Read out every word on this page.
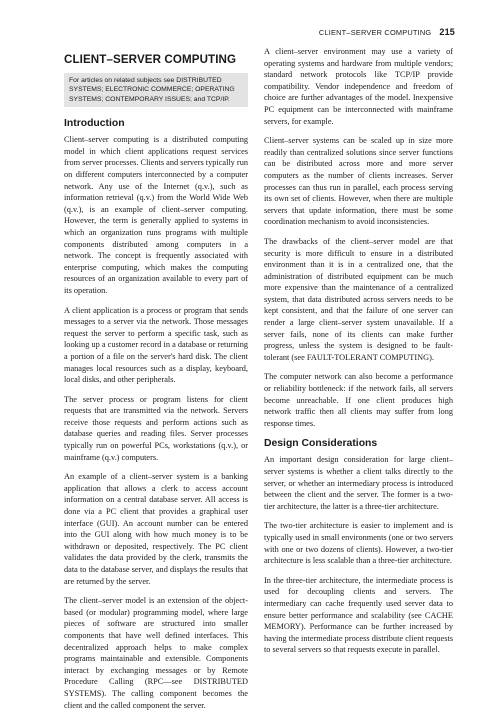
CLIENT–SERVER COMPUTING 215
CLIENT–SERVER COMPUTING
For articles on related subjects see DISTRIBUTED SYSTEMS; ELECTRONIC COMMERCE; OPERATING SYSTEMS; CONTEMPORARY ISSUES; and TCP/IP.
Introduction

Client–server computing is a distributed computing model in which client applications request services from server processes. Clients and servers typically run on different computers interconnected by a computer network. Any use of the Internet (q.v.), such as information retrieval (q.v.) from the World Wide Web (q.v.), is an example of client–server computing. However, the term is generally applied to systems in which an organization runs programs with multiple components distributed among computers in a network. The concept is frequently associated with enterprise computing, which makes the computing resources of an organization available to every part of its operation.

A client application is a process or program that sends messages to a server via the network. Those messages request the server to perform a specific task, such as looking up a customer record in a database or returning a portion of a file on the server's hard disk. The client manages local resources such as a display, keyboard, local disks, and other peripherals.

The server process or program listens for client requests that are transmitted via the network. Servers receive those requests and perform actions such as database queries and reading files. Server processes typically run on powerful PCs, workstations (q.v.), or mainframe (q.v.) computers.

An example of a client–server system is a banking application that allows a clerk to access account information on a central database server. All access is done via a PC client that provides a graphical user interface (GUI). An account number can be entered into the GUI along with how much money is to be withdrawn or deposited, respectively. The PC client validates the data provided by the clerk, transmits the data to the database server, and displays the results that are returned by the server.

The client–server model is an extension of the object-based (or modular) programming model, where large pieces of software are structured into smaller components that have well defined interfaces. This decentralized approach helps to make complex programs maintainable and extensible. Components interact by exchanging messages or by Remote Procedure Calling (RPC—see DISTRIBUTED SYSTEMS). The calling component becomes the client and the called component the server.

A client–server environment may use a variety of operating systems and hardware from multiple vendors; standard network protocols like TCP/IP provide compatibility. Vendor independence and freedom of choice are further advantages of the model. Inexpensive PC equipment can be interconnected with mainframe servers, for example.

Client–server systems can be scaled up in size more readily than centralized solutions since server functions can be distributed across more and more server computers as the number of clients increases. Server processes can thus run in parallel, each process serving its own set of clients. However, when there are multiple servers that update information, there must be some coordination mechanism to avoid inconsistencies.

The drawbacks of the client–server model are that security is more difficult to ensure in a distributed environment than it is in a centralized one, that the administration of distributed equipment can be much more expensive than the maintenance of a centralized system, that data distributed across servers needs to be kept consistent, and that the failure of one server can render a large client–server system unavailable. If a server fails, none of its clients can make further progress, unless the system is designed to be fault-tolerant (see FAULT-TOLERANT COMPUTING).

The computer network can also become a performance or reliability bottleneck: if the network fails, all servers become unreachable. If one client produces high network traffic then all clients may suffer from long response times.

Design Considerations

An important design consideration for large client–server systems is whether a client talks directly to the server, or whether an intermediary process is introduced between the client and the server. The former is a two-tier architecture, the latter is a three-tier architecture.

The two-tier architecture is easier to implement and is typically used in small environments (one or two servers with one or two dozens of clients). However, a two-tier architecture is less scalable than a three-tier architecture.

In the three-tier architecture, the intermediate process is used for decoupling clients and servers. The intermediary can cache frequently used server data to ensure better performance and scalability (see CACHE MEMORY). Performance can be further increased by having the intermediate process distribute client requests to several servers so that requests execute in parallel.
